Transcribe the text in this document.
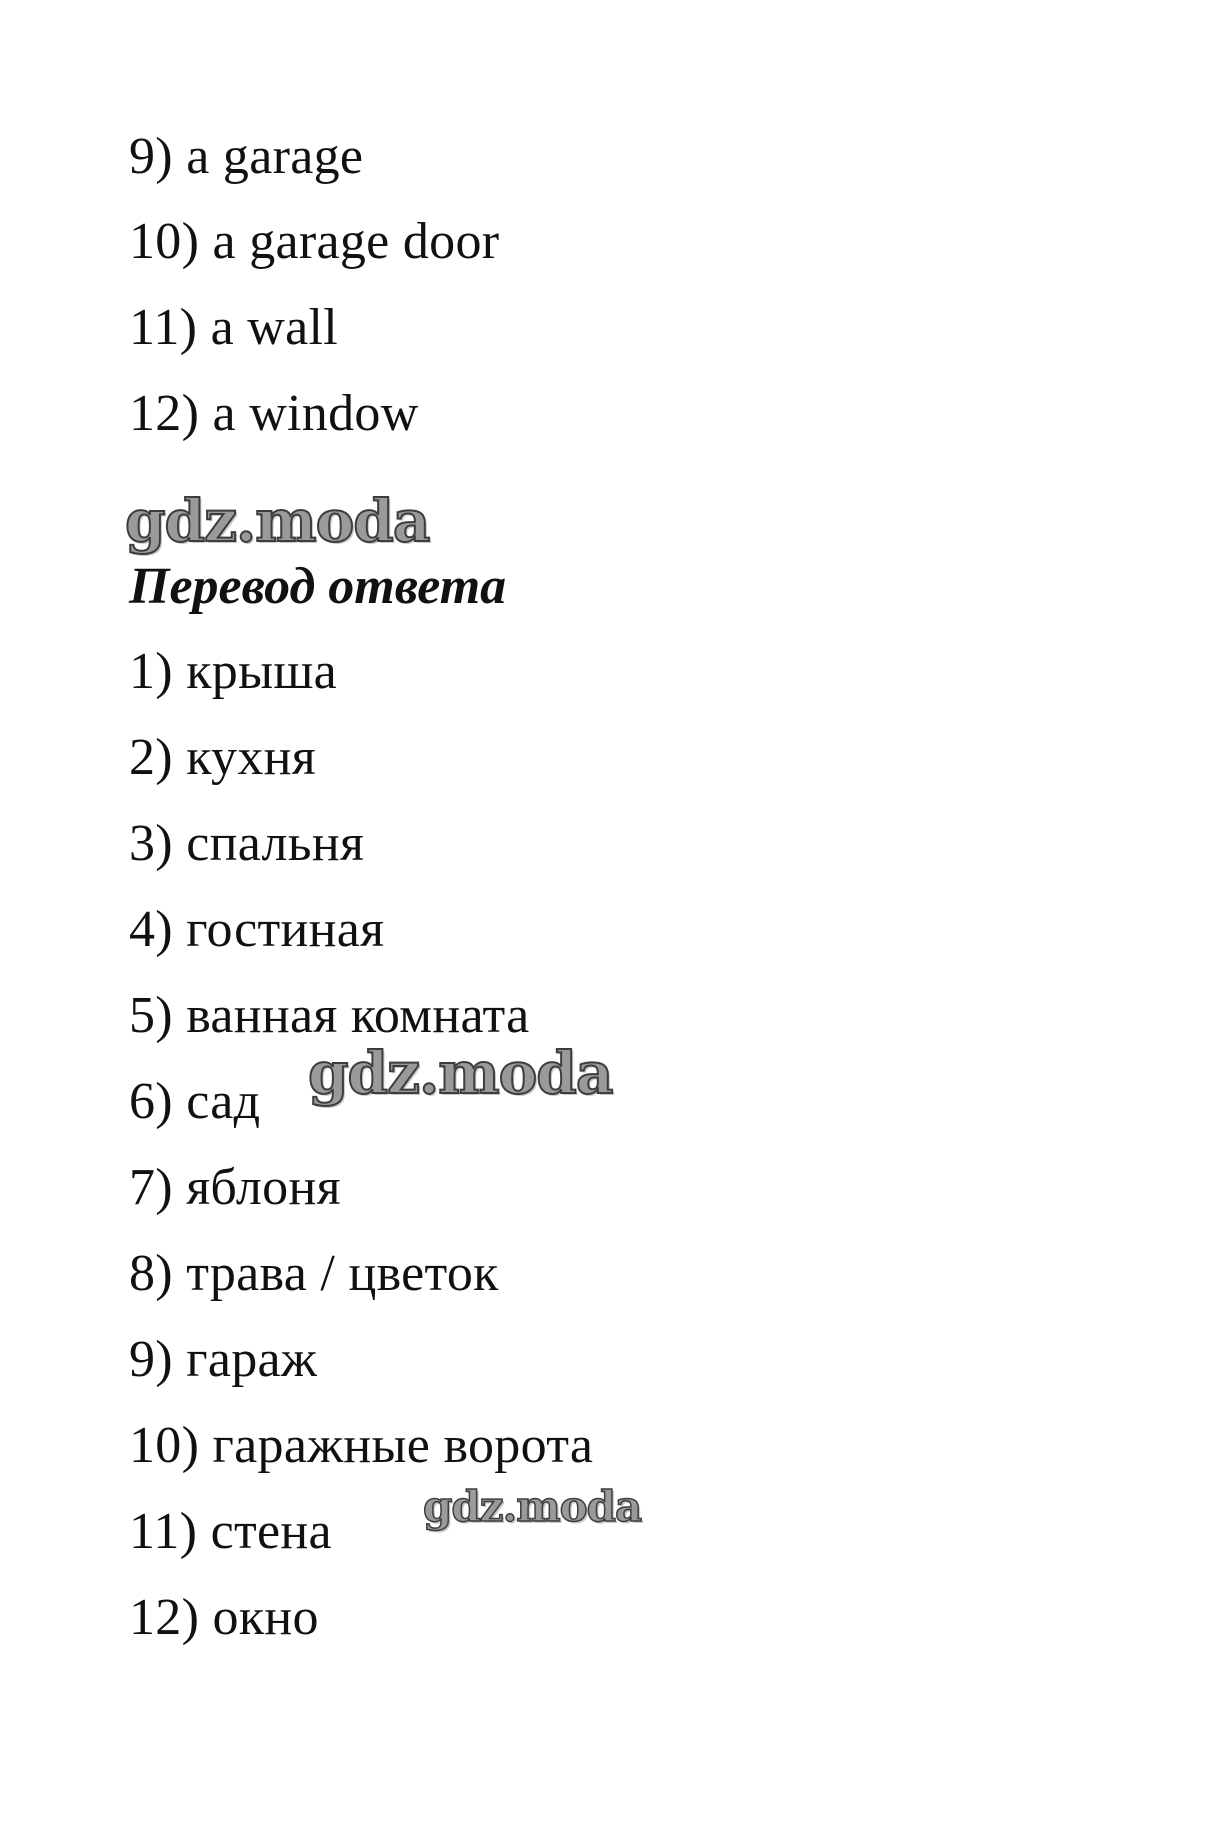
9) a garage
10) a garage door
11) a wall
12) a window
gdz.moda
Перевод ответа
1) крыша
2) кухня
3) спальня
4) гостиная
5) ванная комната
6) сад gdz.moda
7) яблоня
8) трава / цветок
9) гараж
10) гаражные ворота
gdz.moda
11) стена
12) окно
